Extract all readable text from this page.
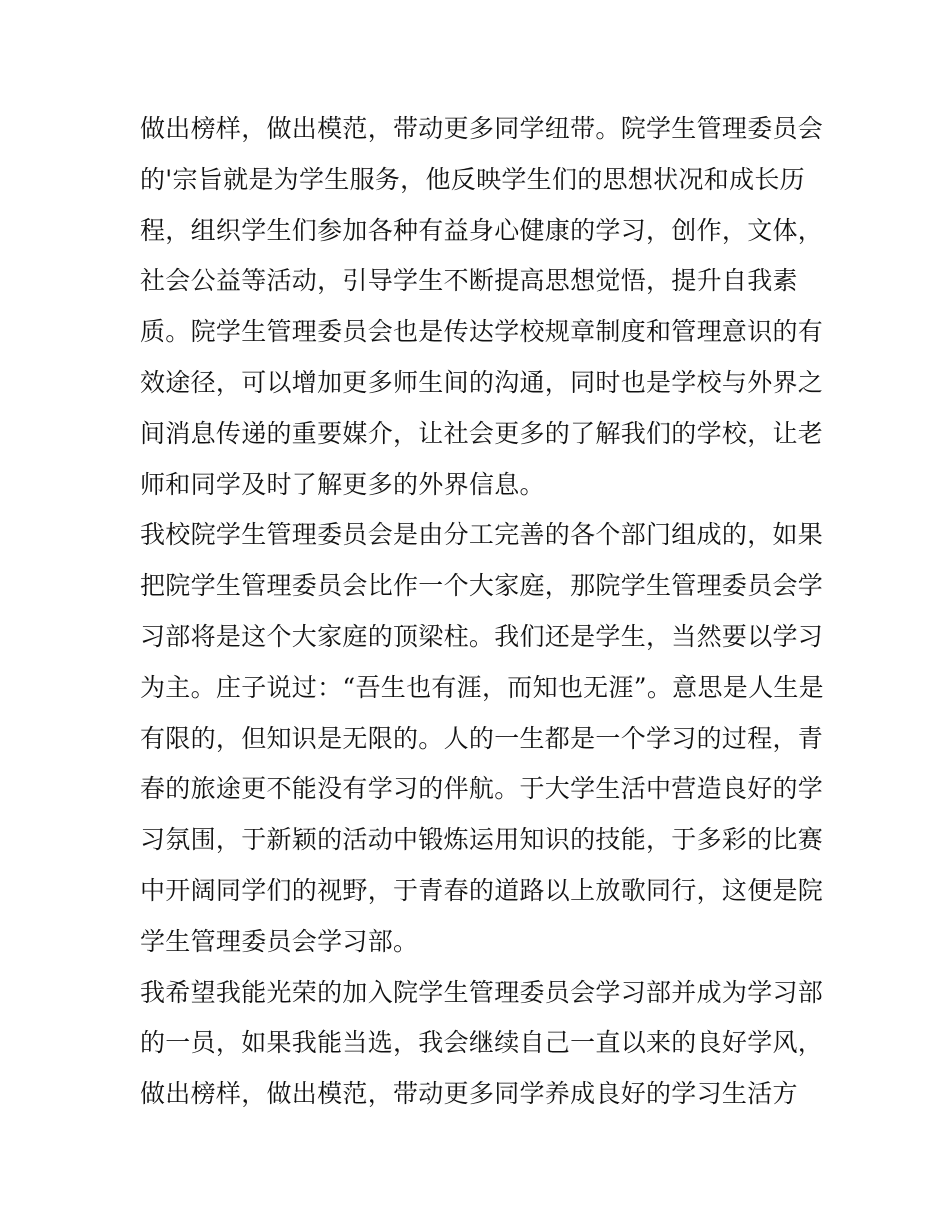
做出榜样，做出模范，带动更多同学纽带。院学生管理委员会
的'宗旨就是为学生服务，他反映学生们的思想状况和成长历
程，组织学生们参加各种有益身心健康的学习，创作，文体，
社会公益等活动，引导学生不断提高思想觉悟，提升自我素
质。院学生管理委员会也是传达学校规章制度和管理意识的有
效途径，可以增加更多师生间的沟通，同时也是学校与外界之
间消息传递的重要媒介，让社会更多的了解我们的学校，让老
师和同学及时了解更多的外界信息。
我校院学生管理委员会是由分工完善的各个部门组成的，如果
把院学生管理委员会比作一个大家庭，那院学生管理委员会学
习部将是这个大家庭的顶梁柱。我们还是学生，当然要以学习
为主。庄子说过：“吾生也有涯，而知也无涯”。意思是人生是
有限的，但知识是无限的。人的一生都是一个学习的过程，青
春的旅途更不能没有学习的伴航。于大学生活中营造良好的学
习氛围，于新颖的活动中锻炼运用知识的技能，于多彩的比赛
中开阔同学们的视野，于青春的道路以上放歌同行，这便是院
学生管理委员会学习部。
我希望我能光荣的加入院学生管理委员会学习部并成为学习部
的一员，如果我能当选，我会继续自己一直以来的良好学风，
做出榜样，做出模范，带动更多同学养成良好的学习生活方
